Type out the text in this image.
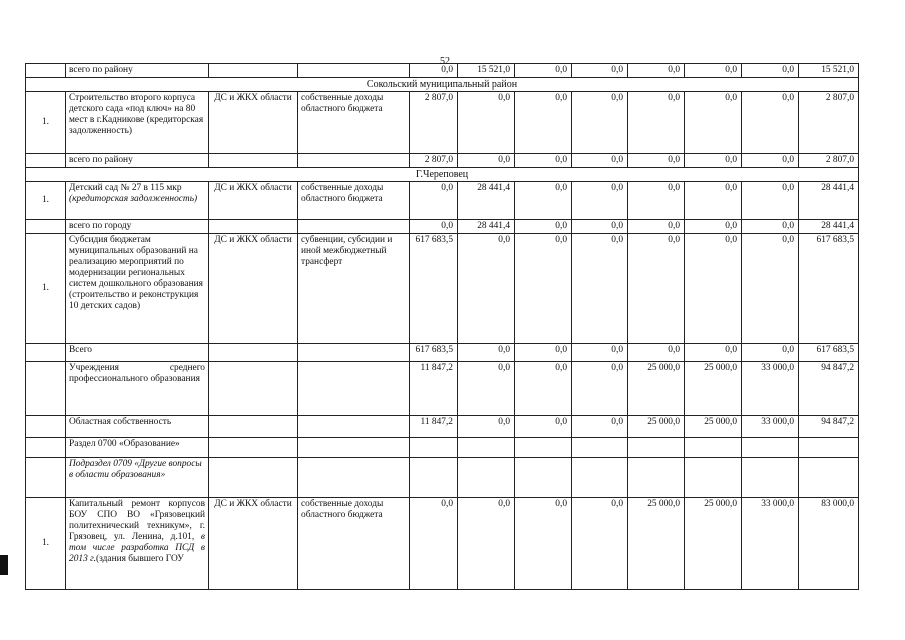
52
	всего по району			0,0	15 521,0	0,0	0,0	0,0	0,0	0,0	15 521,0
Сокольский муниципальный район											
1.	Строительство второго корпуса детского сада «под ключ» на 80 мест в г.Кадникове (кредиторская задолженность)	ДС и ЖКХ области	собственные доходы областного бюджета	2 807,0	0,0	0,0	0,0	0,0	0,0	0,0	2 807,0
	всего по району			2 807,0	0,0	0,0	0,0	0,0	0,0	0,0	2 807,0
Г.Череповец											
1.	Детский сад № 27 в 115 мкр (кредиторская задолженность)	ДС и ЖКХ области	собственные доходы областного бюджета	0,0	28 441,4	0,0	0,0	0,0	0,0	0,0	28 441,4
	всего по городу			0,0	28 441,4	0,0	0,0	0,0	0,0	0,0	28 441,4
1.	Субсидия бюджетам муниципальных образований на реализацию мероприятий по модернизации региональных систем дошкольного образования (строительство и реконструкция 10 детских садов)	ДС и ЖКХ области	субвенции, субсидии и иной межбюджетный трансферт	617 683,5	0,0	0,0	0,0	0,0	0,0	0,0	617 683,5
	Всего			617 683,5	0,0	0,0	0,0	0,0	0,0	0,0	617 683,5
	Учреждения среднего профессионального образования			11 847,2	0,0	0,0	0,0	25 000,0	25 000,0	33 000,0	94 847,2
	Областная собственность			11 847,2	0,0	0,0	0,0	25 000,0	25 000,0	33 000,0	94 847,2
	Раздел 0700 «Образование»										
	Подраздел 0709 «Другие вопросы в области образования»										
1.	Капитальный ремонт корпусов БОУ СПО ВО «Грязовецкий политехнический техникум», г. Грязовец, ул. Ленина, д.101, в том числе разработка ПСД в 2013 г.(здания бывшего ГОУ	ДС и ЖКХ области	собственные доходы областного бюджета	0,0	0,0	0,0	0,0	25 000,0	25 000,0	33 000,0	83 000,0
